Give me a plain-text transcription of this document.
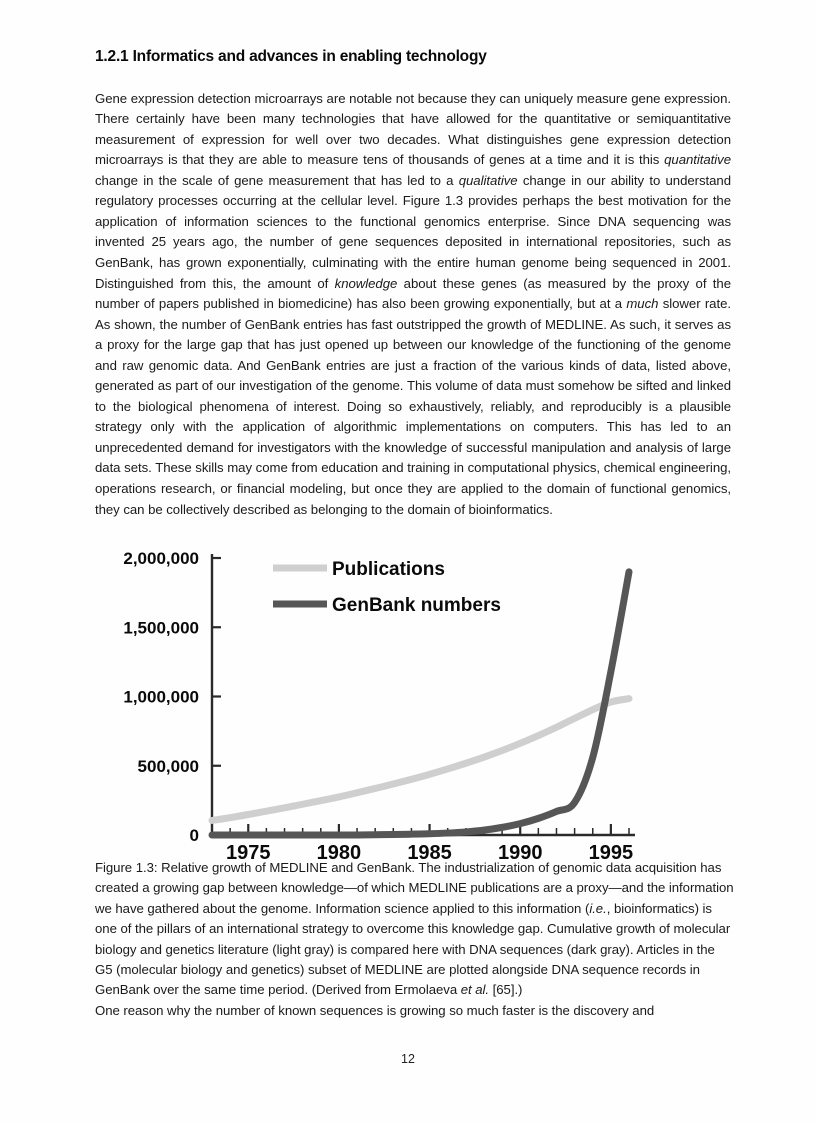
1.2.1 Informatics and advances in enabling technology

Gene expression detection microarrays are notable not because they can uniquely measure gene expression. There certainly have been many technologies that have allowed for the quantitative or semiquantitative measurement of expression for well over two decades. What distinguishes gene expression detection microarrays is that they are able to measure tens of thousands of genes at a time and it is this quantitative change in the scale of gene measurement that has led to a qualitative change in our ability to understand regulatory processes occurring at the cellular level. Figure 1.3 provides perhaps the best motivation for the application of information sciences to the functional genomics enterprise. Since DNA sequencing was invented 25 years ago, the number of gene sequences deposited in international repositories, such as GenBank, has grown exponentially, culminating with the entire human genome being sequenced in 2001. Distinguished from this, the amount of knowledge about these genes (as measured by the proxy of the number of papers published in biomedicine) has also been growing exponentially, but at a much slower rate. As shown, the number of GenBank entries has fast outstripped the growth of MEDLINE. As such, it serves as a proxy for the large gap that has just opened up between our knowledge of the functioning of the genome and raw genomic data. And GenBank entries are just a fraction of the various kinds of data, listed above, generated as part of our investigation of the genome. This volume of data must somehow be sifted and linked to the biological phenomena of interest. Doing so exhaustively, reliably, and reproducibly is a plausible strategy only with the application of algorithmic implementations on computers. This has led to an unprecedented demand for investigators with the knowledge of successful manipulation and analysis of large data sets. These skills may come from education and training in computational physics, chemical engineering, operations research, or financial modeling, but once they are applied to the domain of functional genomics, they can be collectively described as belonging to the domain of bioinformatics.

0
500,000
1,000,000
1,500,000
2,000,000
1975 1980 1985 1990 1995
Publications
GenBank numbers
Figure 1.3: Relative growth of MEDLINE and GenBank. The industrialization of genomic data acquisition has created a growing gap between knowledge—of which MEDLINE publications are a proxy—and the information we have gathered about the genome. Information science applied to this information (i.e., bioinformatics) is one of the pillars of an international strategy to overcome this knowledge gap. Cumulative growth of molecular biology and genetics literature (light gray) is compared here with DNA sequences (dark gray). Articles in the G5 (molecular biology and genetics) subset of MEDLINE are plotted alongside DNA sequence records in GenBank over the same time period. (Derived from Ermolaeva et al. [65].)
One reason why the number of known sequences is growing so much faster is the discovery and
12
